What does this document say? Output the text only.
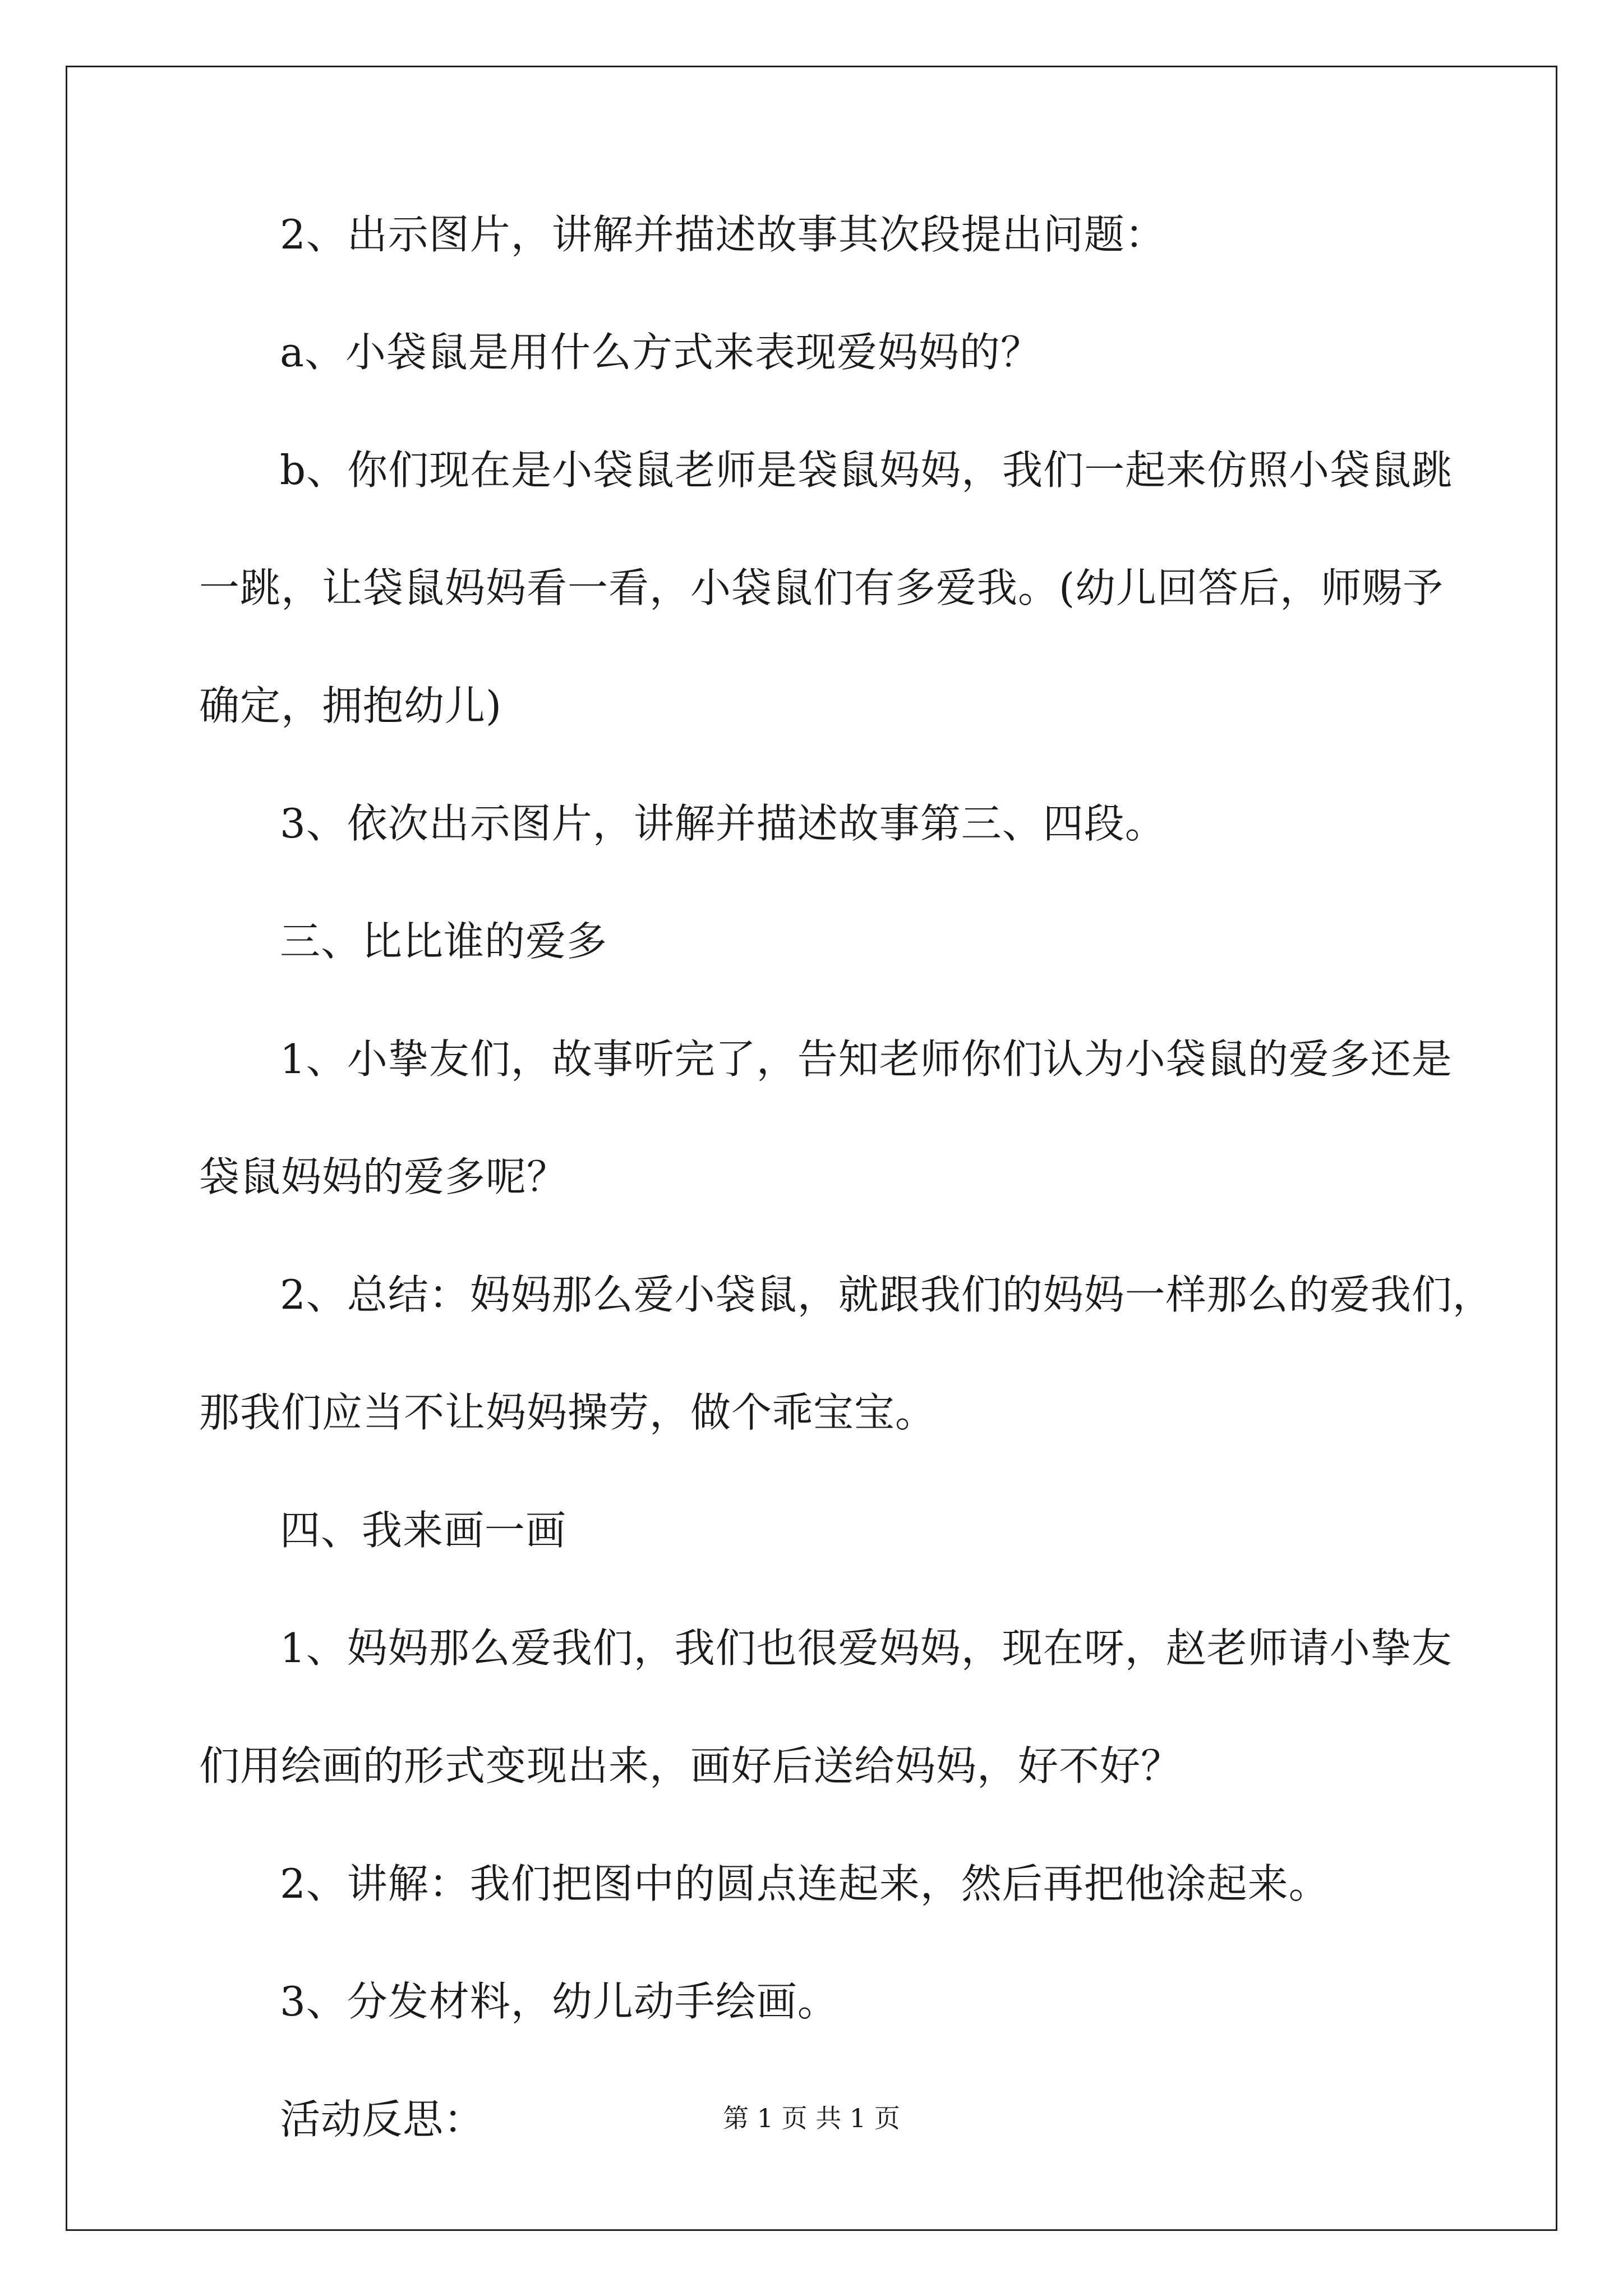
2、出示图片，讲解并描述故事其次段提出问题：

a、小袋鼠是用什么方式来表现爱妈妈的？

b、你们现在是小袋鼠老师是袋鼠妈妈，我们一起来仿照小袋鼠跳
一跳，让袋鼠妈妈看一看，小袋鼠们有多爱我。(幼儿回答后，师赐予
确定，拥抱幼儿)

3、依次出示图片，讲解并描述故事第三、四段。

三、比比谁的爱多

1、小挚友们，故事听完了，告知老师你们认为小袋鼠的爱多还是
袋鼠妈妈的爱多呢？

2、总结：妈妈那么爱小袋鼠，就跟我们的妈妈一样那么的爱我们，
那我们应当不让妈妈操劳，做个乖宝宝。

四、我来画一画

1、妈妈那么爱我们，我们也很爱妈妈，现在呀，赵老师请小挚友
们用绘画的形式变现出来，画好后送给妈妈，好不好？

2、讲解：我们把图中的圆点连起来，然后再把他涂起来。

3、分发材料，幼儿动手绘画。

活动反思：	第 1 页 共 1 页
